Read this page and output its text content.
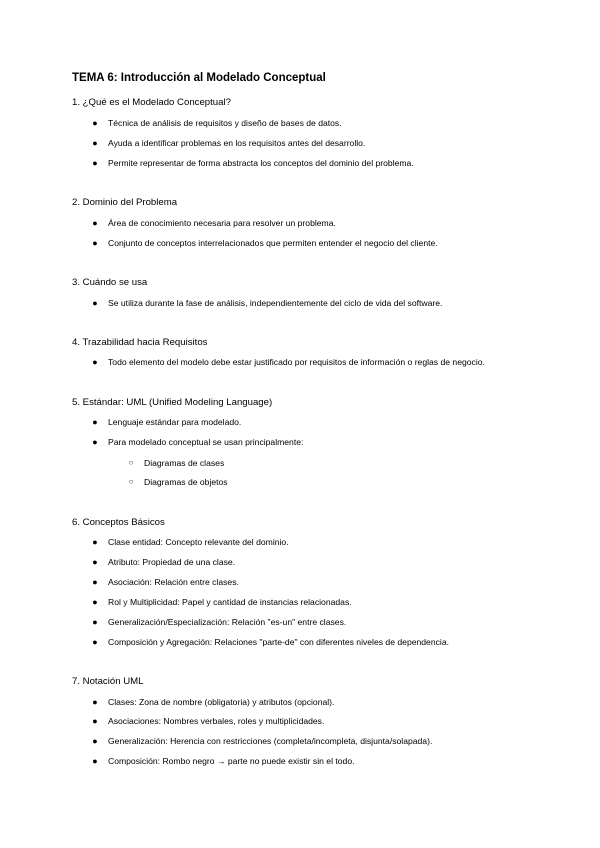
TEMA 6: Introducción al Modelado Conceptual
1. ¿Qué es el Modelado Conceptual?
● Técnica de análisis de requisitos y diseño de bases de datos.
● Ayuda a identificar problemas en los requisitos antes del desarrollo.
● Permite representar de forma abstracta los conceptos del dominio del problema.
2. Dominio del Problema
● Área de conocimiento necesaria para resolver un problema.
● Conjunto de conceptos interrelacionados que permiten entender el negocio del cliente.
3. Cuándo se usa
● Se utiliza durante la fase de análisis, independientemente del ciclo de vida del software.
4. Trazabilidad hacia Requisitos
● Todo elemento del modelo debe estar justificado por requisitos de información o reglas de negocio.
5. Estándar: UML (Unified Modeling Language)
● Lenguaje estándar para modelado.
● Para modelado conceptual se usan principalmente:
○ Diagramas de clases
○ Diagramas de objetos
6. Conceptos Básicos
● Clase entidad: Concepto relevante del dominio.
● Atributo: Propiedad de una clase.
● Asociación: Relación entre clases.
● Rol y Multiplicidad: Papel y cantidad de instancias relacionadas.
● Generalización/Especialización: Relación "es-un" entre clases.
● Composición y Agregación: Relaciones "parte-de" con diferentes niveles de dependencia.
7. Notación UML
● Clases: Zona de nombre (obligatoria) y atributos (opcional).
● Asociaciones: Nombres verbales, roles y multiplicidades.
● Generalización: Herencia con restricciones (completa/incompleta, disjunta/solapada).
● Composición: Rombo negro → parte no puede existir sin el todo.
